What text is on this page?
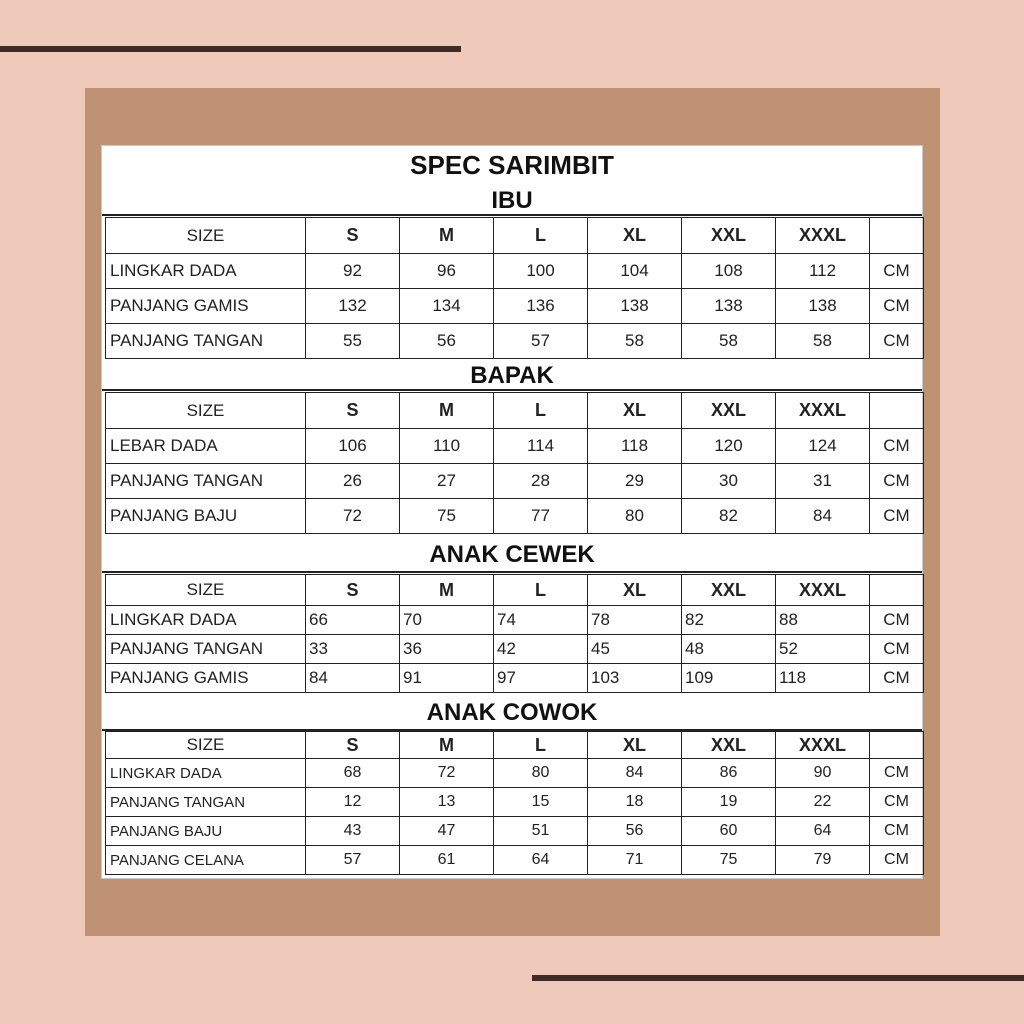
SPEC SARIMBIT
IBU
SIZE	S	M	L	XL	XXL	XXXL	
LINGKAR DADA	92	96	100	104	108	112	CM
PANJANG GAMIS	132	134	136	138	138	138	CM
PANJANG TANGAN	55	56	57	58	58	58	CM
BAPAK
SIZE	S	M	L	XL	XXL	XXXL	
LEBAR DADA	106	110	114	118	120	124	CM
PANJANG TANGAN	26	27	28	29	30	31	CM
PANJANG BAJU	72	75	77	80	82	84	CM
ANAK CEWEK
SIZE	S	M	L	XL	XXL	XXXL	
LINGKAR DADA	66	70	74	78	82	88	CM
PANJANG TANGAN	33	36	42	45	48	52	CM
PANJANG GAMIS	84	91	97	103	109	118	CM
ANAK COWOK
SIZE	S	M	L	XL	XXL	XXXL	
LINGKAR DADA	68	72	80	84	86	90	CM
PANJANG TANGAN	12	13	15	18	19	22	CM
PANJANG BAJU	43	47	51	56	60	64	CM
PANJANG CELANA	57	61	64	71	75	79	CM
